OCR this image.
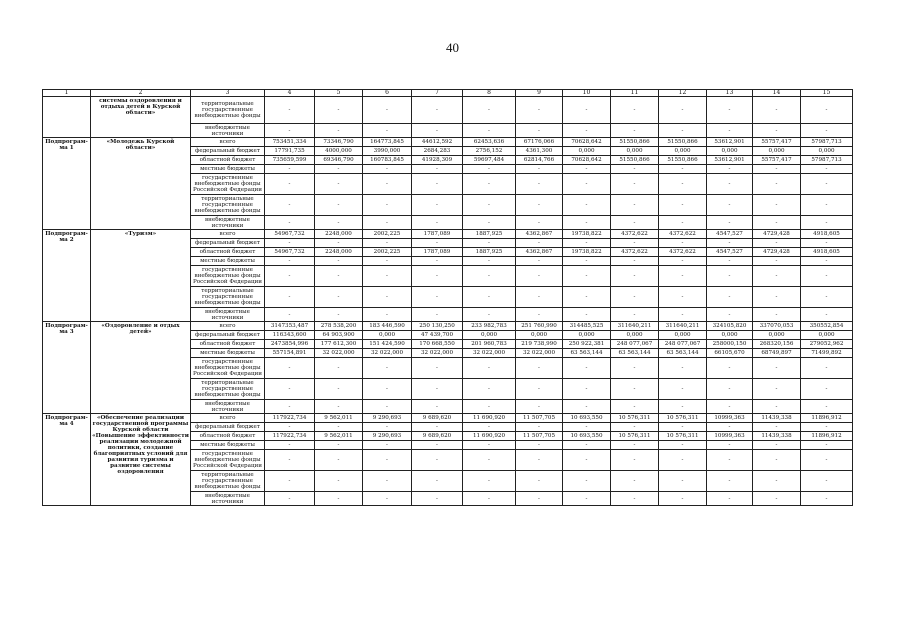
40
1	2	3	4	5	6	7	8	9	10	11	12	13	14	15
	системы оздоровления и отдыха детей в Курской области»	территориальные государственные внебюджетные фонды	-	-	-	-	-	-	-	-	-	-	-	-
		внебюджетные источники	-	-	-	-	-	-	-	-	-	-	-	-
Подпрограм-ма 1	«Молодежь Курской области»	всего	753451,334	73346,790	164773,845	44612,592	62453,636	67176,066	70628,642	51550,866	51550,866	53612,901	55757,417	57987,713
		федеральный бюджет	17791,735	4000,000	3990,000	2684,283	2756,152	4361,300	0,000	0,000	0,000	0,000	0,000	0,000
		областной бюджет	735659,599	69346,790	160783,845	41928,309	59697,484	62814,766	70628,642	51550,866	51550,866	53612,901	55757,417	57987,713
		местные бюджеты	-	-	-	-	-	-	-	-	-	-	-	-
		государственные внебюджетные фонды Российской Федерации	-	-	-	-	-	-	-	-	-	-	-	-
		территориальные государственные внебюджетные фонды	-	-	-	-	-	-	-	-	-	-	-	-
		внебюджетные источники	-	-	-	-	-	-	-	-	-	-	-	-
Подпрограм-ма 2	«Туризм»	всего	54967,732	2248,000	2002,225	1787,089	1887,925	4362,867	19738,822	4372,622	4372,622	4547,527	4729,428	4918,605
		федеральный бюджет	-	-	-	-	-	-	-	-	-	-	-	-
		областной бюджет	54967,732	2248,000	2002,225	1787,089	1887,925	4362,867	19738,822	4372,622	4372,622	4547,527	4729,428	4918,605
		местные бюджеты	-	-	-	-	-	-	-	-	-	-	-	-
		государственные внебюджетные фонды Российской Федерации	-	-	-	-	-	-	-	-	-	-	-	-
		территориальные государственные внебюджетные фонды	-	-	-	-	-	-	-	-	-	-	-	-
		внебюджетные источники	-	-	-	-	-	-	-	-	-	-	-	-
Подпрограм-ма 3	«Оздоровление и отдых детей»	всего	3147353,487	278 538,200	183 446,590	250 130,250	233 982,783	251 760,990	314485,525	311640,211	311640,211	324105,820	337070,053	350552,854
		федеральный бюджет	116343,600	64 903,900	0,000	47 439,700	0,000	0,000	0,000	0,000	0,000	0,000	0,000	0,000
		областной бюджет	2473854,996	177 612,300	151 424,590	170 668,550	201 960,783	219 738,990	250 922,381	248 077,067	248 077,067	258000,150	268320,156	279052,962
		местные бюджеты	557154,891	32 022,000	32 022,000	32 022,000	32 022,000	32 022,000	63 563,144	63 563,144	63 563,144	66105,670	68749,897	71499,892
		государственные внебюджетные фонды Российской Федерации	-	-	-	-	-	-	-	-	-	-	-	-
		территориальные государственные внебюджетные фонды	-	-	-	-	-	-	-	-	-	-	-	-
		внебюджетные источники	-	-	-	-	-	-	-	-	-	-	-	-
Подпрограм-ма 4	«Обеспечение реализации государственной программы Курской области «Повышение эффективности реализации молодежной политики, создание благоприятных условий для развития туризма и развитие системы оздоровления	всего	117922,734	9 562,011	9 290,693	9 689,620	11 690,920	11 507,705	10 693,550	10 576,311	10 576,311	10999,363	11439,338	11896,912
		федеральный бюджет	-	-	-	-	-	-	-	-	-	-	-	-
		областной бюджет	117922,734	9 562,011	9 290,693	9 689,620	11 690,920	11 507,705	10 693,550	10 576,311	10 576,311	10999,363	11439,338	11896,912
		местные бюджеты	-	-	-	-	-	-	-	-	-	-	-	-
		государственные внебюджетные фонды Российской Федерации	-	-	-	-	-	-	-	-	-	-	-	-
		территориальные государственные внебюджетные фонды	-	-	-	-	-	-	-	-	-	-	-	-
		внебюджетные источники	-	-	-	-	-	-	-	-	-	-	-	-
